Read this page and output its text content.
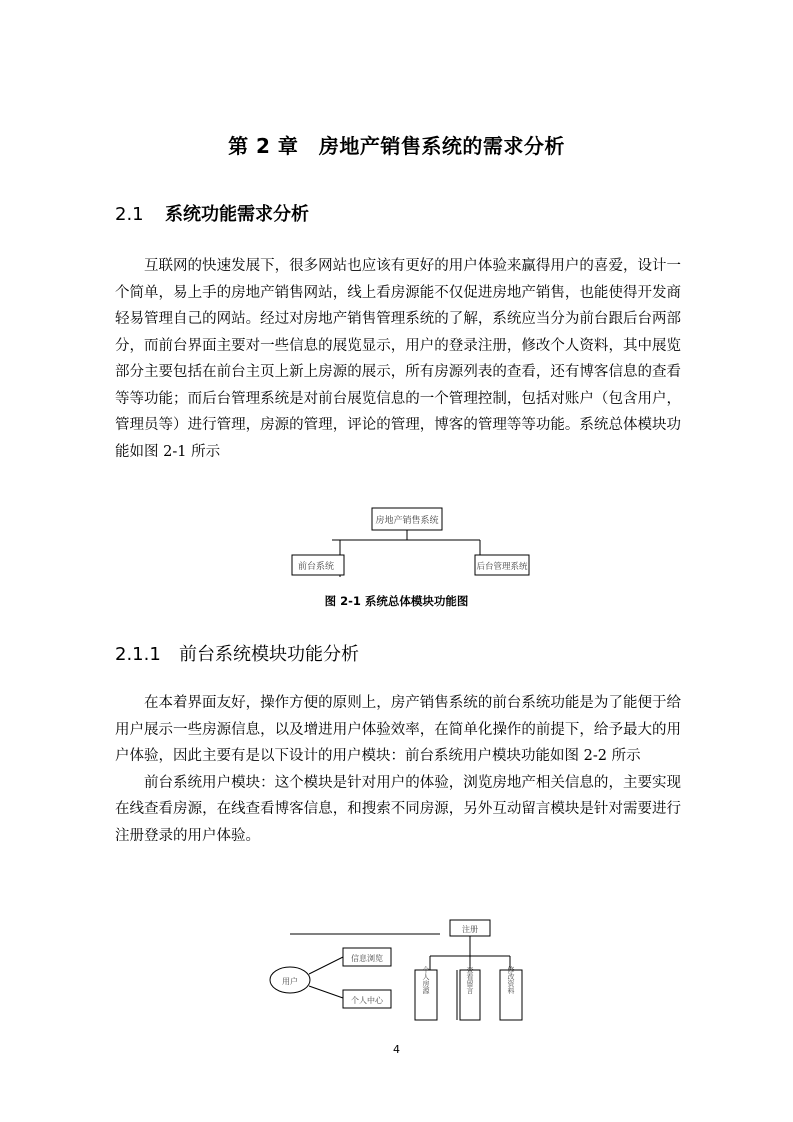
第 2 章　房地产销售系统的需求分析
2.1 系统功能需求分析

互联网的快速发展下，很多网站也应该有更好的用户体验来赢得用户的喜爱，设计一个简单，易上手的房地产销售网站，线上看房源能不仅促进房地产销售，也能使得开发商轻易管理自己的网站。经过对房地产销售管理系统的了解，系统应当分为前台跟后台两部分，而前台界面主要对一些信息的展览显示，用户的登录注册，修改个人资料，其中展览部分主要包括在前台主页上新上房源的展示，所有房源列表的查看，还有博客信息的查看等等功能；而后台管理系统是对前台展览信息的一个管理控制，包括对账户（包含用户，管理员等）进行管理，房源的管理，评论的管理，博客的管理等等功能。系统总体模块功能如图 2-1 所示

房地产销售系统
前台系统	后台管理系统
图 2-1 系统总体模块功能图
2.1.1 前台系统模块功能分析

在本着界面友好，操作方便的原则上，房产销售系统的前台系统功能是为了能便于给用户展示一些房源信息，以及增进用户体验效率，在简单化操作的前提下，给予最大的用户体验，因此主要有是以下设计的用户模块：前台系统用户模块功能如图 2-2 所示

前台系统用户模块：这个模块是针对用户的体验，浏览房地产相关信息的，主要实现在线查看房源，在线查看博客信息，和搜索不同房源，另外互动留言模块是针对需要进行注册登录的用户体验。

用户
信息浏览
个人中心
注册
个人房源	查看留言	修改资料
4
